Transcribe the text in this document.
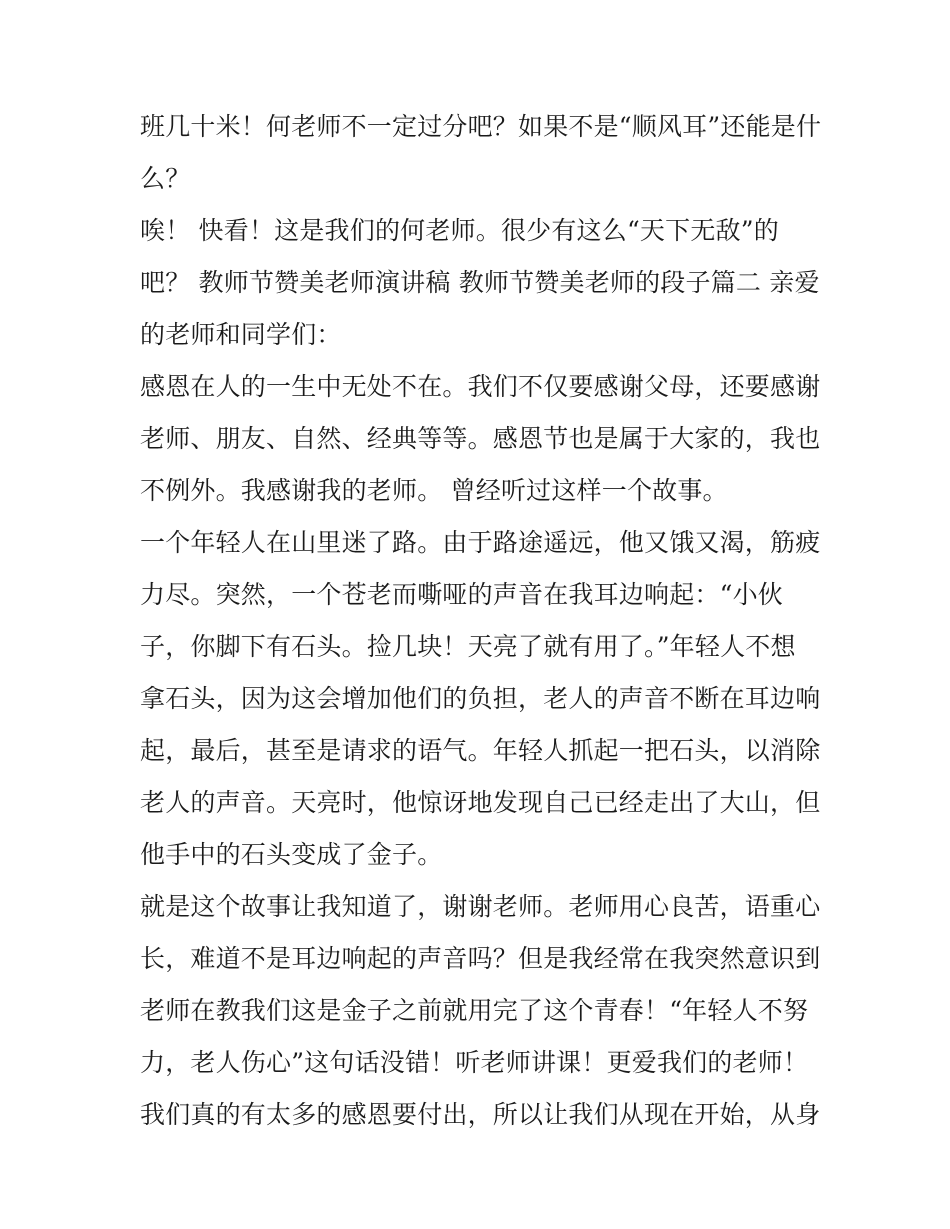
班几十米！何老师不一定过分吧？如果不是“顺风耳”还能是什
么？
唉！ 快看！这是我们的何老师。很少有这么“天下无敌”的
吧？ 教师节赞美老师演讲稿 教师节赞美老师的段子篇二 亲爱
的老师和同学们：
感恩在人的一生中无处不在。我们不仅要感谢父母，还要感谢
老师、朋友、自然、经典等等。感恩节也是属于大家的，我也
不例外。我感谢我的老师。 曾经听过这样一个故事。
一个年轻人在山里迷了路。由于路途遥远，他又饿又渴，筋疲
力尽。突然，一个苍老而嘶哑的声音在我耳边响起：“小伙
子，你脚下有石头。捡几块！天亮了就有用了。”年轻人不想
拿石头，因为这会增加他们的负担，老人的声音不断在耳边响
起，最后，甚至是请求的语气。年轻人抓起一把石头，以消除
老人的声音。天亮时，他惊讶地发现自己已经走出了大山，但
他手中的石头变成了金子。
就是这个故事让我知道了，谢谢老师。老师用心良苦，语重心
长，难道不是耳边响起的声音吗？但是我经常在我突然意识到
老师在教我们这是金子之前就用完了这个青春！“年轻人不努
力，老人伤心”这句话没错！听老师讲课！更爱我们的老师！
我们真的有太多的感恩要付出，所以让我们从现在开始，从身
